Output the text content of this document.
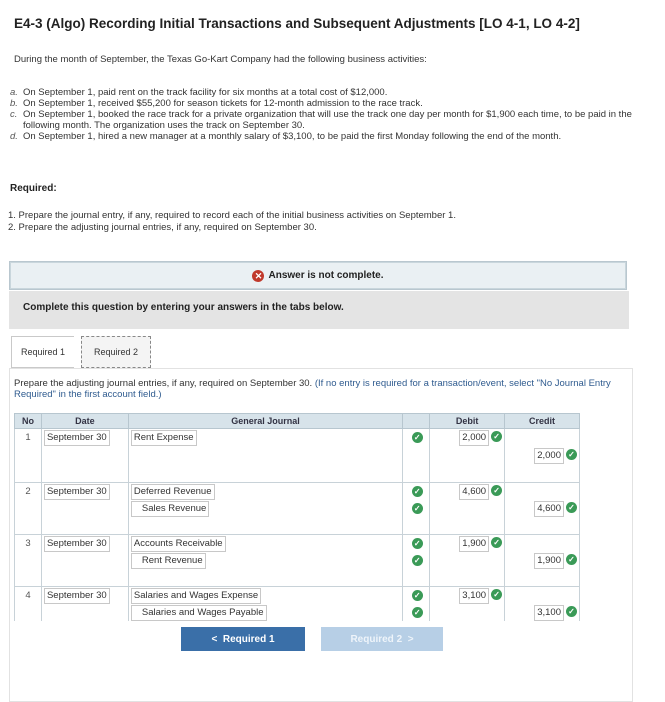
E4-3 (Algo) Recording Initial Transactions and Subsequent Adjustments [LO 4-1, LO 4-2]
During the month of September, the Texas Go-Kart Company had the following business activities:
a. On September 1, paid rent on the track facility for six months at a total cost of $12,000.
b. On September 1, received $55,200 for season tickets for 12-month admission to the race track.
c. On September 1, booked the race track for a private organization that will use the track one day per month for $1,900 each time, to be paid in the following month. The organization uses the track on September 30.
d. On September 1, hired a new manager at a monthly salary of $3,100, to be paid the first Monday following the end of the month.
Required:
1. Prepare the journal entry, if any, required to record each of the initial business activities on September 1.
2. Prepare the adjusting journal entries, if any, required on September 30.
✕ Answer is not complete.
Complete this question by entering your answers in the tabs below.
Required 1	Required 2
Prepare the adjusting journal entries, if any, required on September 30. (If no entry is required for a transaction/event, select "No Journal Entry Required" in the first account field.)
No	Date	General Journal		Debit	Credit
1	September 30	Rent Expense	✓	2,000 ✓	
					2,000 ✓

2	September 30	Deferred Revenue	✓	4,600 ✓	
		Sales Revenue	✓		4,600 ✓

3	September 30	Accounts Receivable	✓	1,900 ✓	
		Rent Revenue	✓		1,900 ✓

4	September 30	Salaries and Wages Expense	✓	3,100 ✓	
		Salaries and Wages Payable	✓		3,100 ✓
< Required 1	Required 2 >
